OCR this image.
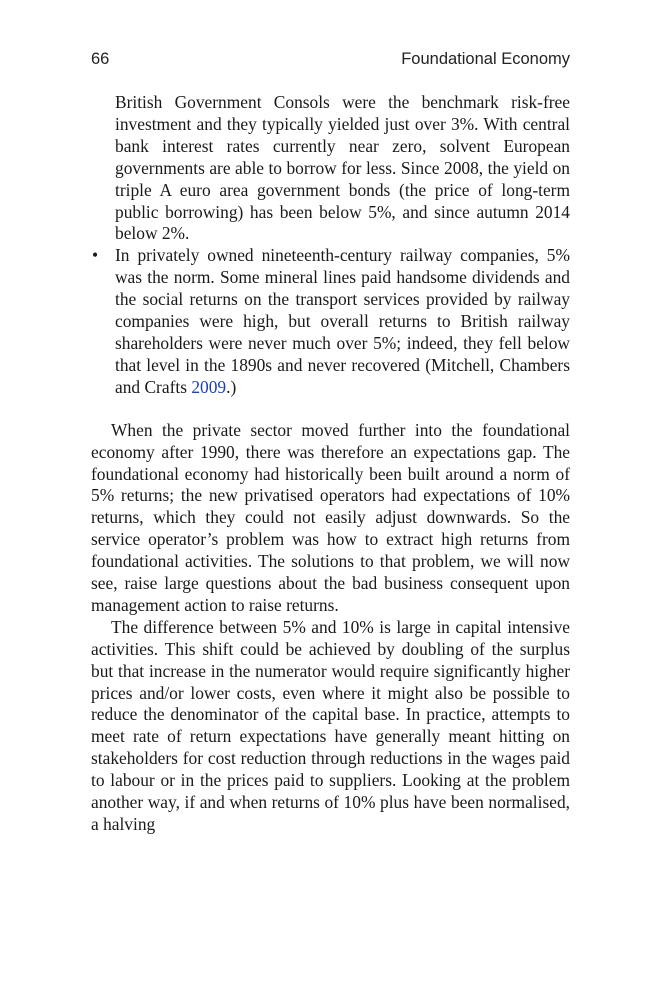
66	Foundational Economy

British Government Consols were the benchmark risk-free investment and they typically yielded just over 3%. With central bank interest rates currently near zero, solvent European governments are able to borrow for less. Since 2008, the yield on triple A euro area government bonds (the price of long-term public borrowing) has been below 5%, and since autumn 2014 below 2%.

• In privately owned nineteenth-century railway companies, 5% was the norm. Some mineral lines paid handsome dividends and the social returns on the transport services provided by railway companies were high, but overall returns to British railway shareholders were never much over 5%; indeed, they fell below that level in the 1890s and never recovered (Mitchell, Chambers and Crafts 2009.)

When the private sector moved further into the foundational economy after 1990, there was therefore an expectations gap. The foundational economy had historically been built around a norm of 5% returns; the new privatised operators had expectations of 10% returns, which they could not easily adjust downwards. So the service operator’s problem was how to extract high returns from foundational activities. The solutions to that problem, we will now see, raise large questions about the bad business consequent upon management action to raise returns.

The difference between 5% and 10% is large in capital intensive activities. This shift could be achieved by doubling of the surplus but that increase in the numerator would require significantly higher prices and/or lower costs, even where it might also be possible to reduce the denominator of the capital base. In practice, attempts to meet rate of return expectations have generally meant hitting on stakeholders for cost reduction through reductions in the wages paid to labour or in the prices paid to suppliers. Looking at the problem another way, if and when returns of 10% plus have been normalised, a halving
